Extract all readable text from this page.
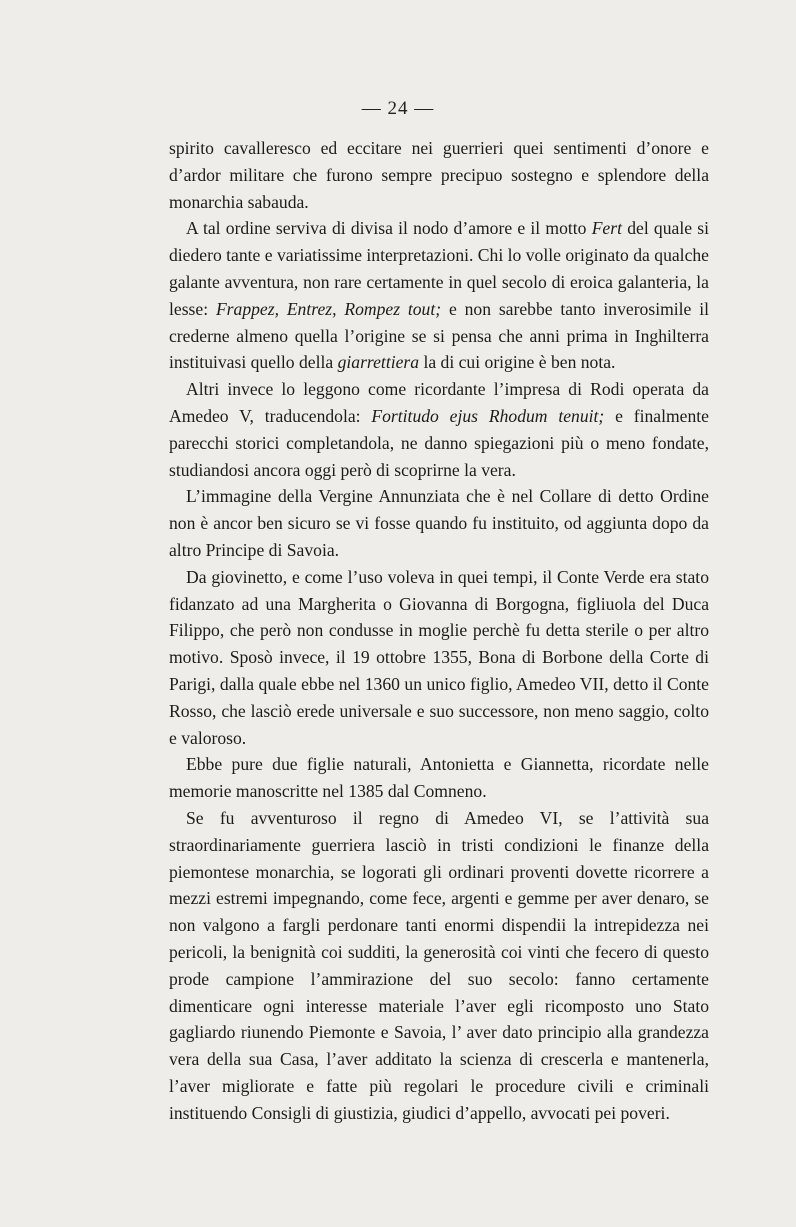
— 24 —

spirito cavalleresco ed eccitare nei guerrieri quei sentimenti d’onore e d’ardor militare che furono sempre precipuo sostegno e splendore della monarchia sabauda.

A tal ordine serviva di divisa il nodo d’amore e il motto Fert del quale si diedero tante e variatissime interpretazioni. Chi lo volle originato da qualche galante avventura, non rare certamente in quel secolo di eroica galanteria, la lesse: Frappez, Entrez, Rompez tout; e non sarebbe tanto inverosimile il crederne almeno quella l’origine se si pensa che anni prima in Inghilterra instituivasi quello della giarrettiera la di cui origine è ben nota.

Altri invece lo leggono come ricordante l’impresa di Rodi operata da Amedeo V, traducendola: Fortitudo ejus Rhodum tenuit; e finalmente parecchi storici completandola, ne danno spiegazioni più o meno fondate, studiandosi ancora oggi però di scoprirne la vera.

L’immagine della Vergine Annunziata che è nel Collare di detto Ordine non è ancor ben sicuro se vi fosse quando fu instituito, od aggiunta dopo da altro Principe di Savoia.

Da giovinetto, e come l’uso voleva in quei tempi, il Conte Verde era stato fidanzato ad una Margherita o Giovanna di Borgogna, figliuola del Duca Filippo, che però non condusse in moglie perchè fu detta sterile o per altro motivo. Sposò invece, il 19 ottobre 1355, Bona di Borbone della Corte di Parigi, dalla quale ebbe nel 1360 un unico figlio, Amedeo VII, detto il Conte Rosso, che lasciò erede universale e suo successore, non meno saggio, colto e valoroso.

Ebbe pure due figlie naturali, Antonietta e Giannetta, ricordate nelle memorie manoscritte nel 1385 dal Comneno.

Se fu avventuroso il regno di Amedeo VI, se l’attività sua straordinariamente guerriera lasciò in tristi condizioni le finanze della piemontese monarchia, se logorati gli ordinari proventi dovette ricorrere a mezzi estremi impegnando, come fece, argenti e gemme per aver denaro, se non valgono a fargli perdonare tanti enormi dispendii la intrepidezza nei pericoli, la benignità coi sudditi, la generosità coi vinti che fecero di questo prode campione l’ammirazione del suo secolo: fanno certamente dimenticare ogni interesse materiale l’aver egli ricomposto uno Stato gagliardo riunendo Piemonte e Savoia, l’ aver dato principio alla grandezza vera della sua Casa, l’aver additato la scienza di crescerla e mantenerla, l’aver migliorate e fatte più regolari le procedure civili e criminali instituendo Consigli di giustizia, giudici d’appello, avvocati pei poveri.
